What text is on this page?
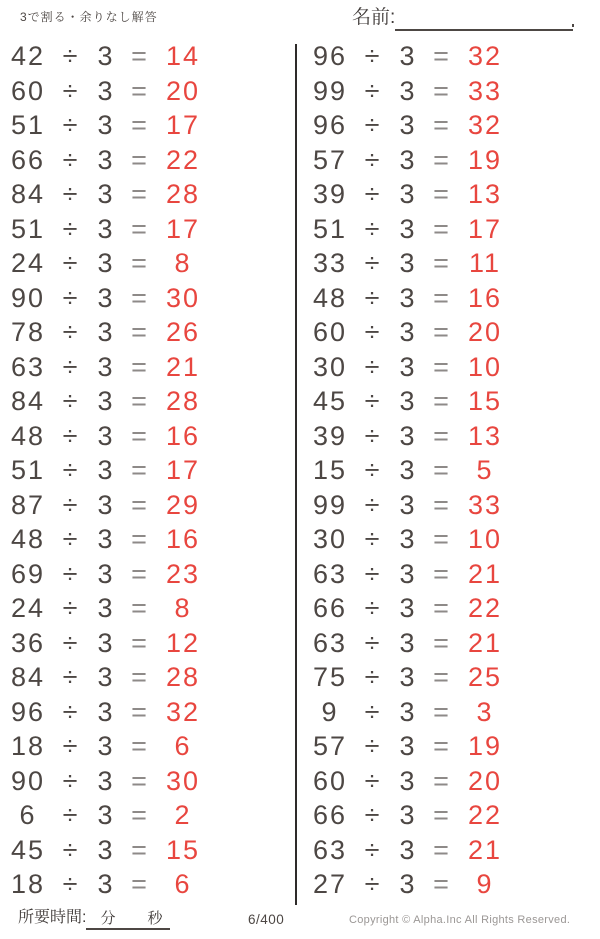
3で割る・余りなし解答	名前:
42 ÷ 3 = 14
60 ÷ 3 = 20
51 ÷ 3 = 17
66 ÷ 3 = 22
84 ÷ 3 = 28
51 ÷ 3 = 17
24 ÷ 3 = 8
90 ÷ 3 = 30
78 ÷ 3 = 26
63 ÷ 3 = 21
84 ÷ 3 = 28
48 ÷ 3 = 16
51 ÷ 3 = 17
87 ÷ 3 = 29
48 ÷ 3 = 16
69 ÷ 3 = 23
24 ÷ 3 = 8
36 ÷ 3 = 12
84 ÷ 3 = 28
96 ÷ 3 = 32
18 ÷ 3 = 6
90 ÷ 3 = 30
6 ÷ 3 = 2
45 ÷ 3 = 15
18 ÷ 3 = 6
96 ÷ 3 = 32
99 ÷ 3 = 33
96 ÷ 3 = 32
57 ÷ 3 = 19
39 ÷ 3 = 13
51 ÷ 3 = 17
33 ÷ 3 = 11
48 ÷ 3 = 16
60 ÷ 3 = 20
30 ÷ 3 = 10
45 ÷ 3 = 15
39 ÷ 3 = 13
15 ÷ 3 = 5
99 ÷ 3 = 33
30 ÷ 3 = 10
63 ÷ 3 = 21
66 ÷ 3 = 22
63 ÷ 3 = 21
75 ÷ 3 = 25
9 ÷ 3 = 3
57 ÷ 3 = 19
60 ÷ 3 = 20
66 ÷ 3 = 22
63 ÷ 3 = 21
27 ÷ 3 = 9
所要時間: 分 秒	6/400	Copyright © Alpha.Inc All Rights Reserved.
